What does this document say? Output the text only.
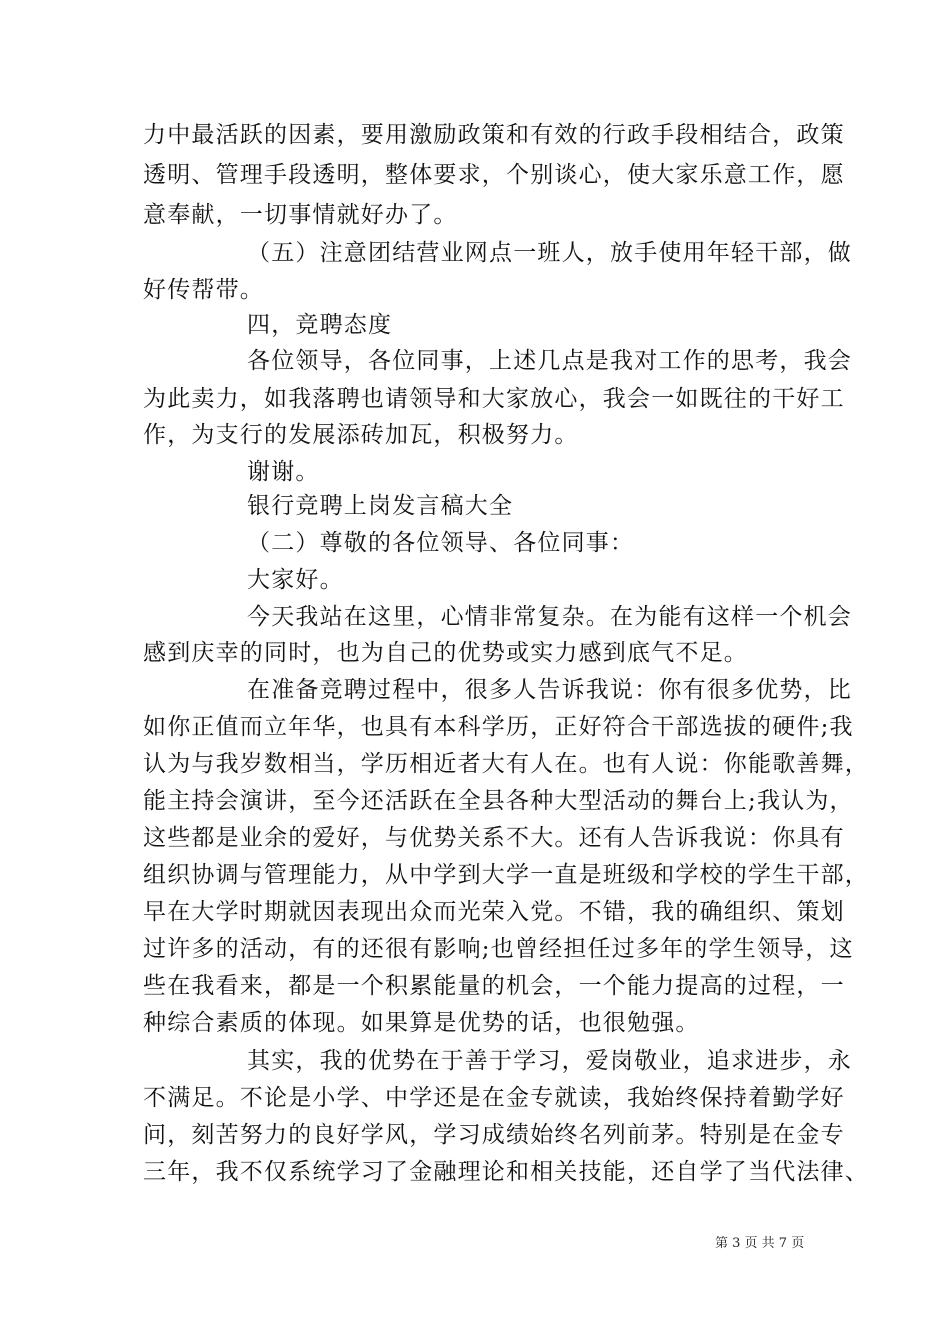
力中最活跃的因素，要用激励政策和有效的行政手段相结合，政策
透明、管理手段透明，整体要求，个别谈心，使大家乐意工作，愿
意奉献，一切事情就好办了。
（五）注意团结营业网点一班人，放手使用年轻干部，做
好传帮带。
四，竞聘态度
各位领导，各位同事，上述几点是我对工作的思考，我会
为此卖力，如我落聘也请领导和大家放心，我会一如既往的干好工
作，为支行的发展添砖加瓦，积极努力。
谢谢。
银行竞聘上岗发言稿大全
（二）尊敬的各位领导、各位同事：
大家好。
今天我站在这里，心情非常复杂。在为能有这样一个机会
感到庆幸的同时，也为自己的优势或实力感到底气不足。
在准备竞聘过程中，很多人告诉我说：你有很多优势，比
如你正值而立年华，也具有本科学历，正好符合干部选拔的硬件;我
认为与我岁数相当，学历相近者大有人在。也有人说：你能歌善舞，
能主持会演讲，至今还活跃在全县各种大型活动的舞台上;我认为，
这些都是业余的爱好，与优势关系不大。还有人告诉我说：你具有
组织协调与管理能力，从中学到大学一直是班级和学校的学生干部，
早在大学时期就因表现出众而光荣入党。不错，我的确组织、策划
过许多的活动，有的还很有影响;也曾经担任过多年的学生领导，这
些在我看来，都是一个积累能量的机会，一个能力提高的过程，一
种综合素质的体现。如果算是优势的话，也很勉强。
其实，我的优势在于善于学习，爱岗敬业，追求进步，永
不满足。不论是小学、中学还是在金专就读，我始终保持着勤学好
问，刻苦努力的良好学风，学习成绩始终名列前茅。特别是在金专
三年，我不仅系统学习了金融理论和相关技能，还自学了当代法律、
第 3 页 共 7 页
